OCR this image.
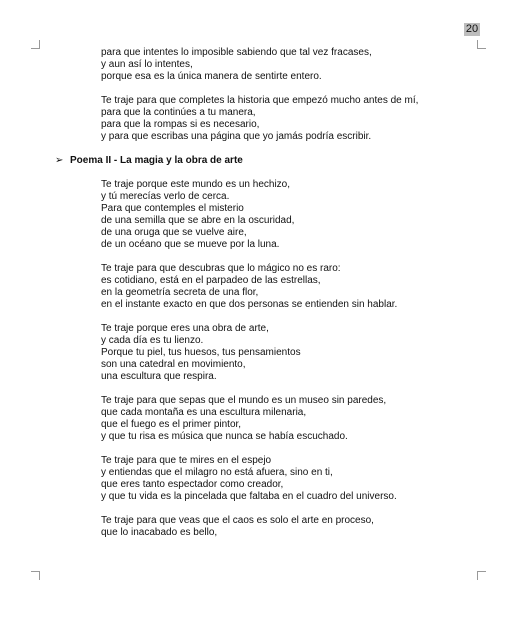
20
para que intentes lo imposible sabiendo que tal vez fracases,
y aun así lo intentes,
porque esa es la única manera de sentirte entero.
Te traje para que completes la historia que empezó mucho antes de mí,
para que la continúes a tu manera,
para que la rompas si es necesario,
y para que escribas una página que yo jamás podría escribir.
➢ Poema II - La magia y la obra de arte
Te traje porque este mundo es un hechizo,
y tú merecías verlo de cerca.
Para que contemples el misterio
de una semilla que se abre en la oscuridad,
de una oruga que se vuelve aire,
de un océano que se mueve por la luna.
Te traje para que descubras que lo mágico no es raro:
es cotidiano, está en el parpadeo de las estrellas,
en la geometría secreta de una flor,
en el instante exacto en que dos personas se entienden sin hablar.
Te traje porque eres una obra de arte,
y cada día es tu lienzo.
Porque tu piel, tus huesos, tus pensamientos
son una catedral en movimiento,
una escultura que respira.
Te traje para que sepas que el mundo es un museo sin paredes,
que cada montaña es una escultura milenaria,
que el fuego es el primer pintor,
y que tu risa es música que nunca se había escuchado.
Te traje para que te mires en el espejo
y entiendas que el milagro no está afuera, sino en ti,
que eres tanto espectador como creador,
y que tu vida es la pincelada que faltaba en el cuadro del universo.
Te traje para que veas que el caos es solo el arte en proceso,
que lo inacabado es bello,
